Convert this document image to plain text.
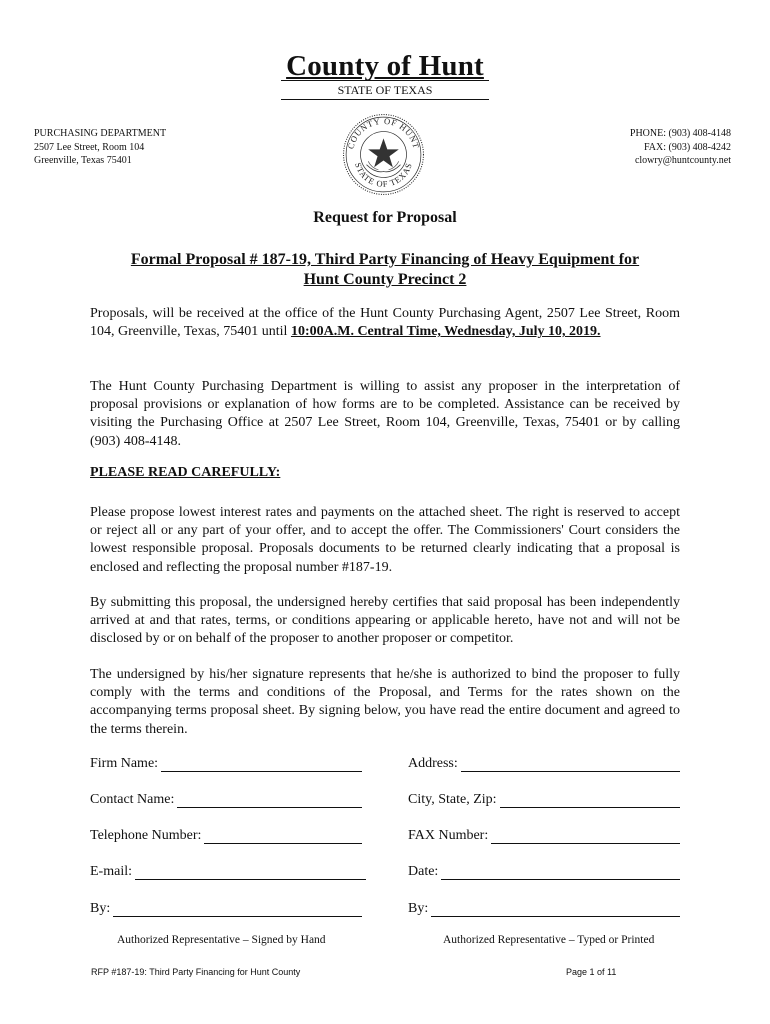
County of Hunt
STATE OF TEXAS
PURCHASING DEPARTMENT
2507 Lee Street, Room 104
Greenville, Texas 75401
COUNTY OF HUNT
STATE OF TEXAS
PHONE: (903) 408-4148
FAX: (903) 408-4242
clowry@huntcounty.net
Request for Proposal
Formal Proposal # 187-19, Third Party Financing of Heavy Equipment for
Hunt County Precinct 2
Proposals, will be received at the office of the Hunt County Purchasing Agent, 2507 Lee Street, Room 104, Greenville, Texas, 75401 until 10:00A.M. Central Time, Wednesday, July 10, 2019.
The Hunt County Purchasing Department is willing to assist any proposer in the interpretation of proposal provisions or explanation of how forms are to be completed. Assistance can be received by visiting the Purchasing Office at 2507 Lee Street, Room 104, Greenville, Texas, 75401 or by calling (903) 408-4148.
PLEASE READ CAREFULLY:
Please propose lowest interest rates and payments on the attached sheet. The right is reserved to accept or reject all or any part of your offer, and to accept the offer. The Commissioners' Court considers the lowest responsible proposal. Proposals documents to be returned clearly indicating that a proposal is enclosed and reflecting the proposal number #187-19.
By submitting this proposal, the undersigned hereby certifies that said proposal has been independently arrived at and that rates, terms, or conditions appearing or applicable hereto, have not and will not be disclosed by or on behalf of the proposer to another proposer or competitor.
The undersigned by his/her signature represents that he/she is authorized to bind the proposer to fully comply with the terms and conditions of the Proposal, and Terms for the rates shown on the accompanying terms proposal sheet. By signing below, you have read the entire document and agreed to the terms therein.
Firm Name:	Address:
Contact Name:	City, State, Zip:
Telephone Number:	FAX Number:
E-mail:	Date:
By:	By:
Authorized Representative – Signed by Hand	Authorized Representative – Typed or Printed
RFP #187-19: Third Party Financing for Hunt County	Page 1 of 11
